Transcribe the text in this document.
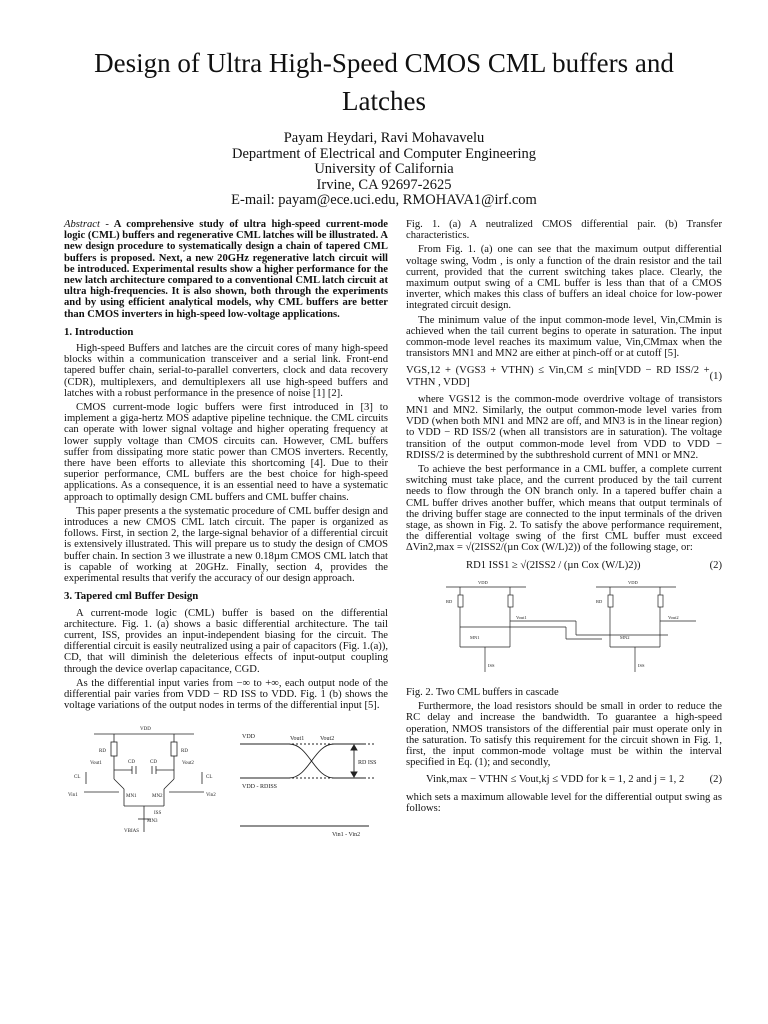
Design of Ultra High-Speed CMOS CML buffers and Latches
Payam Heydari, Ravi Mohavavelu
Department of Electrical and Computer Engineering
University of California
Irvine, CA 92697-2625
E-mail: payam@ece.uci.edu, RMOHAVA1@irf.com

Abstract - A comprehensive study of ultra high-speed current-mode logic (CML) buffers and regenerative CML latches will be illustrated. A new design procedure to systematically design a chain of tapered CML buffers is proposed. Next, a new 20GHz regenerative latch circuit will be introduced. Experimental results show a higher performance for the new latch architecture compared to a conventional CML latch circuit at ultra high-frequencies. It is also shown, both through the experiments and by using efficient analytical models, why CML buffers are better than CMOS inverters in high-speed low-voltage applications.

1. Introduction

High-speed Buffers and latches are the circuit cores of many high-speed blocks within a communication transceiver and a serial link. Front-end tapered buffer chain, serial-to-parallel converters, clock and data recovery (CDR), multiplexers, and demultiplexers all use high-speed buffers and latches with a robust performance in the presence of noise [1] [2].

CMOS current-mode logic buffers were first introduced in [3] to implement a giga-hertz MOS adaptive pipeline technique. the CML circuits can operate with lower signal voltage and higher operating frequency at lower supply voltage than CMOS circuits can. However, CML buffers suffer from dissipating more static power than CMOS inverters. Recently, there have been efforts to alleviate this shortcoming [4]. Due to their superior performance, CML buffers are the best choice for high-speed applications. As a consequence, it is an essential need to have a systematic approach to optimally design CML buffers and CML buffer chains.

This paper presents a the systematic procedure of CML buffer design and introduces a new CMOS CML latch circuit. The paper is organized as follows. First, in section 2, the large-signal behavior of a differential circuit is extensively illustrated. This will prepare us to study the design of CMOS buffer chain. In section 3 we illustrate a new 0.18µm CMOS CML latch that is capable of working at 20GHz. Finally, section 4, provides the experimental results that verify the accuracy of our design approach.

3. Tapered cml Buffer Design

A current-mode logic (CML) buffer is based on the differential architecture. Fig. 1. (a) shows a basic differential architecture. The tail current, ISS, provides an input-independent biasing for the circuit. The differential circuit is easily neutralized using a pair of capacitors (Fig. 1.(a)), CD, that will diminish the deleterious effects of input-output coupling through the device overlap capacitance, CGD.

As the differential input varies from −∞ to +∞, each output node of the differential pair varies from VDD − RD ISS to VDD. Fig. 1 (b) shows the voltage variations of the output nodes in terms of the differential input [5].

VDD
RD	RD
Vout1	Vout2
CD	CD
MN1	MN2
MN3
ISS
VBIAS
Vin1	Vin2
CL	CL
VDD
VDD - RDISS
Vout1	Vout2
RD ISS
Vin1 - Vin2

Fig. 1. (a) A neutralized CMOS differential pair. (b) Transfer characteristics.

From Fig. 1. (a) one can see that the maximum output differential voltage swing, Vodm , is only a function of the drain resistor and the tail current, provided that the current switching takes place. Clearly, the maximum output swing of a CML buffer is less than that of a CMOS inverter, which makes this class of buffers an ideal choice for low-power integrated circuit design.

The minimum value of the input common-mode level, Vin,CMmin is achieved when the tail current begins to operate in saturation. The input common-mode level reaches its maximum value, Vin,CMmax when the transistors MN1 and MN2 are either at pinch-off or at cutoff [5].

VGS,12 + (VGS3 + VTHN) ≤ Vin,CM ≤ min[VDD − RD ISS/2 + VTHN , VDD]
(1)

where VGS12 is the common-mode overdrive voltage of transistors MN1 and MN2. Similarly, the output common-mode level varies from VDD (when both MN1 and MN2 are off, and MN3 is in the linear region) to VDD − RD ISS/2 (when all transistors are in saturation). The voltage transition of the output common-mode level from VDD to VDD − RDISS/2 is determined by the subthreshold current of MN1 or MN2.

To achieve the best performance in a CML buffer, a complete current switching must take place, and the current produced by the tail current needs to flow through the ON branch only. In a tapered buffer chain a CML buffer drives another buffer, which means that output terminals of the driving buffer stage are connected to the input terminals of the driven stage, as shown in Fig. 2. To satisfy the above performance requirement, the differential voltage swing of the first CML buffer must exceed ΔVin2,max = √(2ISS2/(µn Cox (W/L)2)) of the following stage, or:

RD1 ISS1 ≥ √(2ISS2 / (µn Cox (W/L)2))	(2)
VDD	VDD
RD	RD
MN1	MN2
ISS	ISS
Vout1	Vout2

Fig. 2. Two CML buffers in cascade

Furthermore, the load resistors should be small in order to reduce the RC delay and increase the bandwidth. To guarantee a high-speed operation, NMOS transistors of the differential pair must operate only in the saturation. To satisfy this requirement for the circuit shown in Fig. 1, first, the input common-mode voltage must be within the interval specified in Eq. (1); and secondly,

Vink,max − VTHN ≤ Vout,kj ≤ VDD for k = 1, 2 and j = 1, 2 (2)

which sets a maximum allowable level for the differential output swing as follows:
